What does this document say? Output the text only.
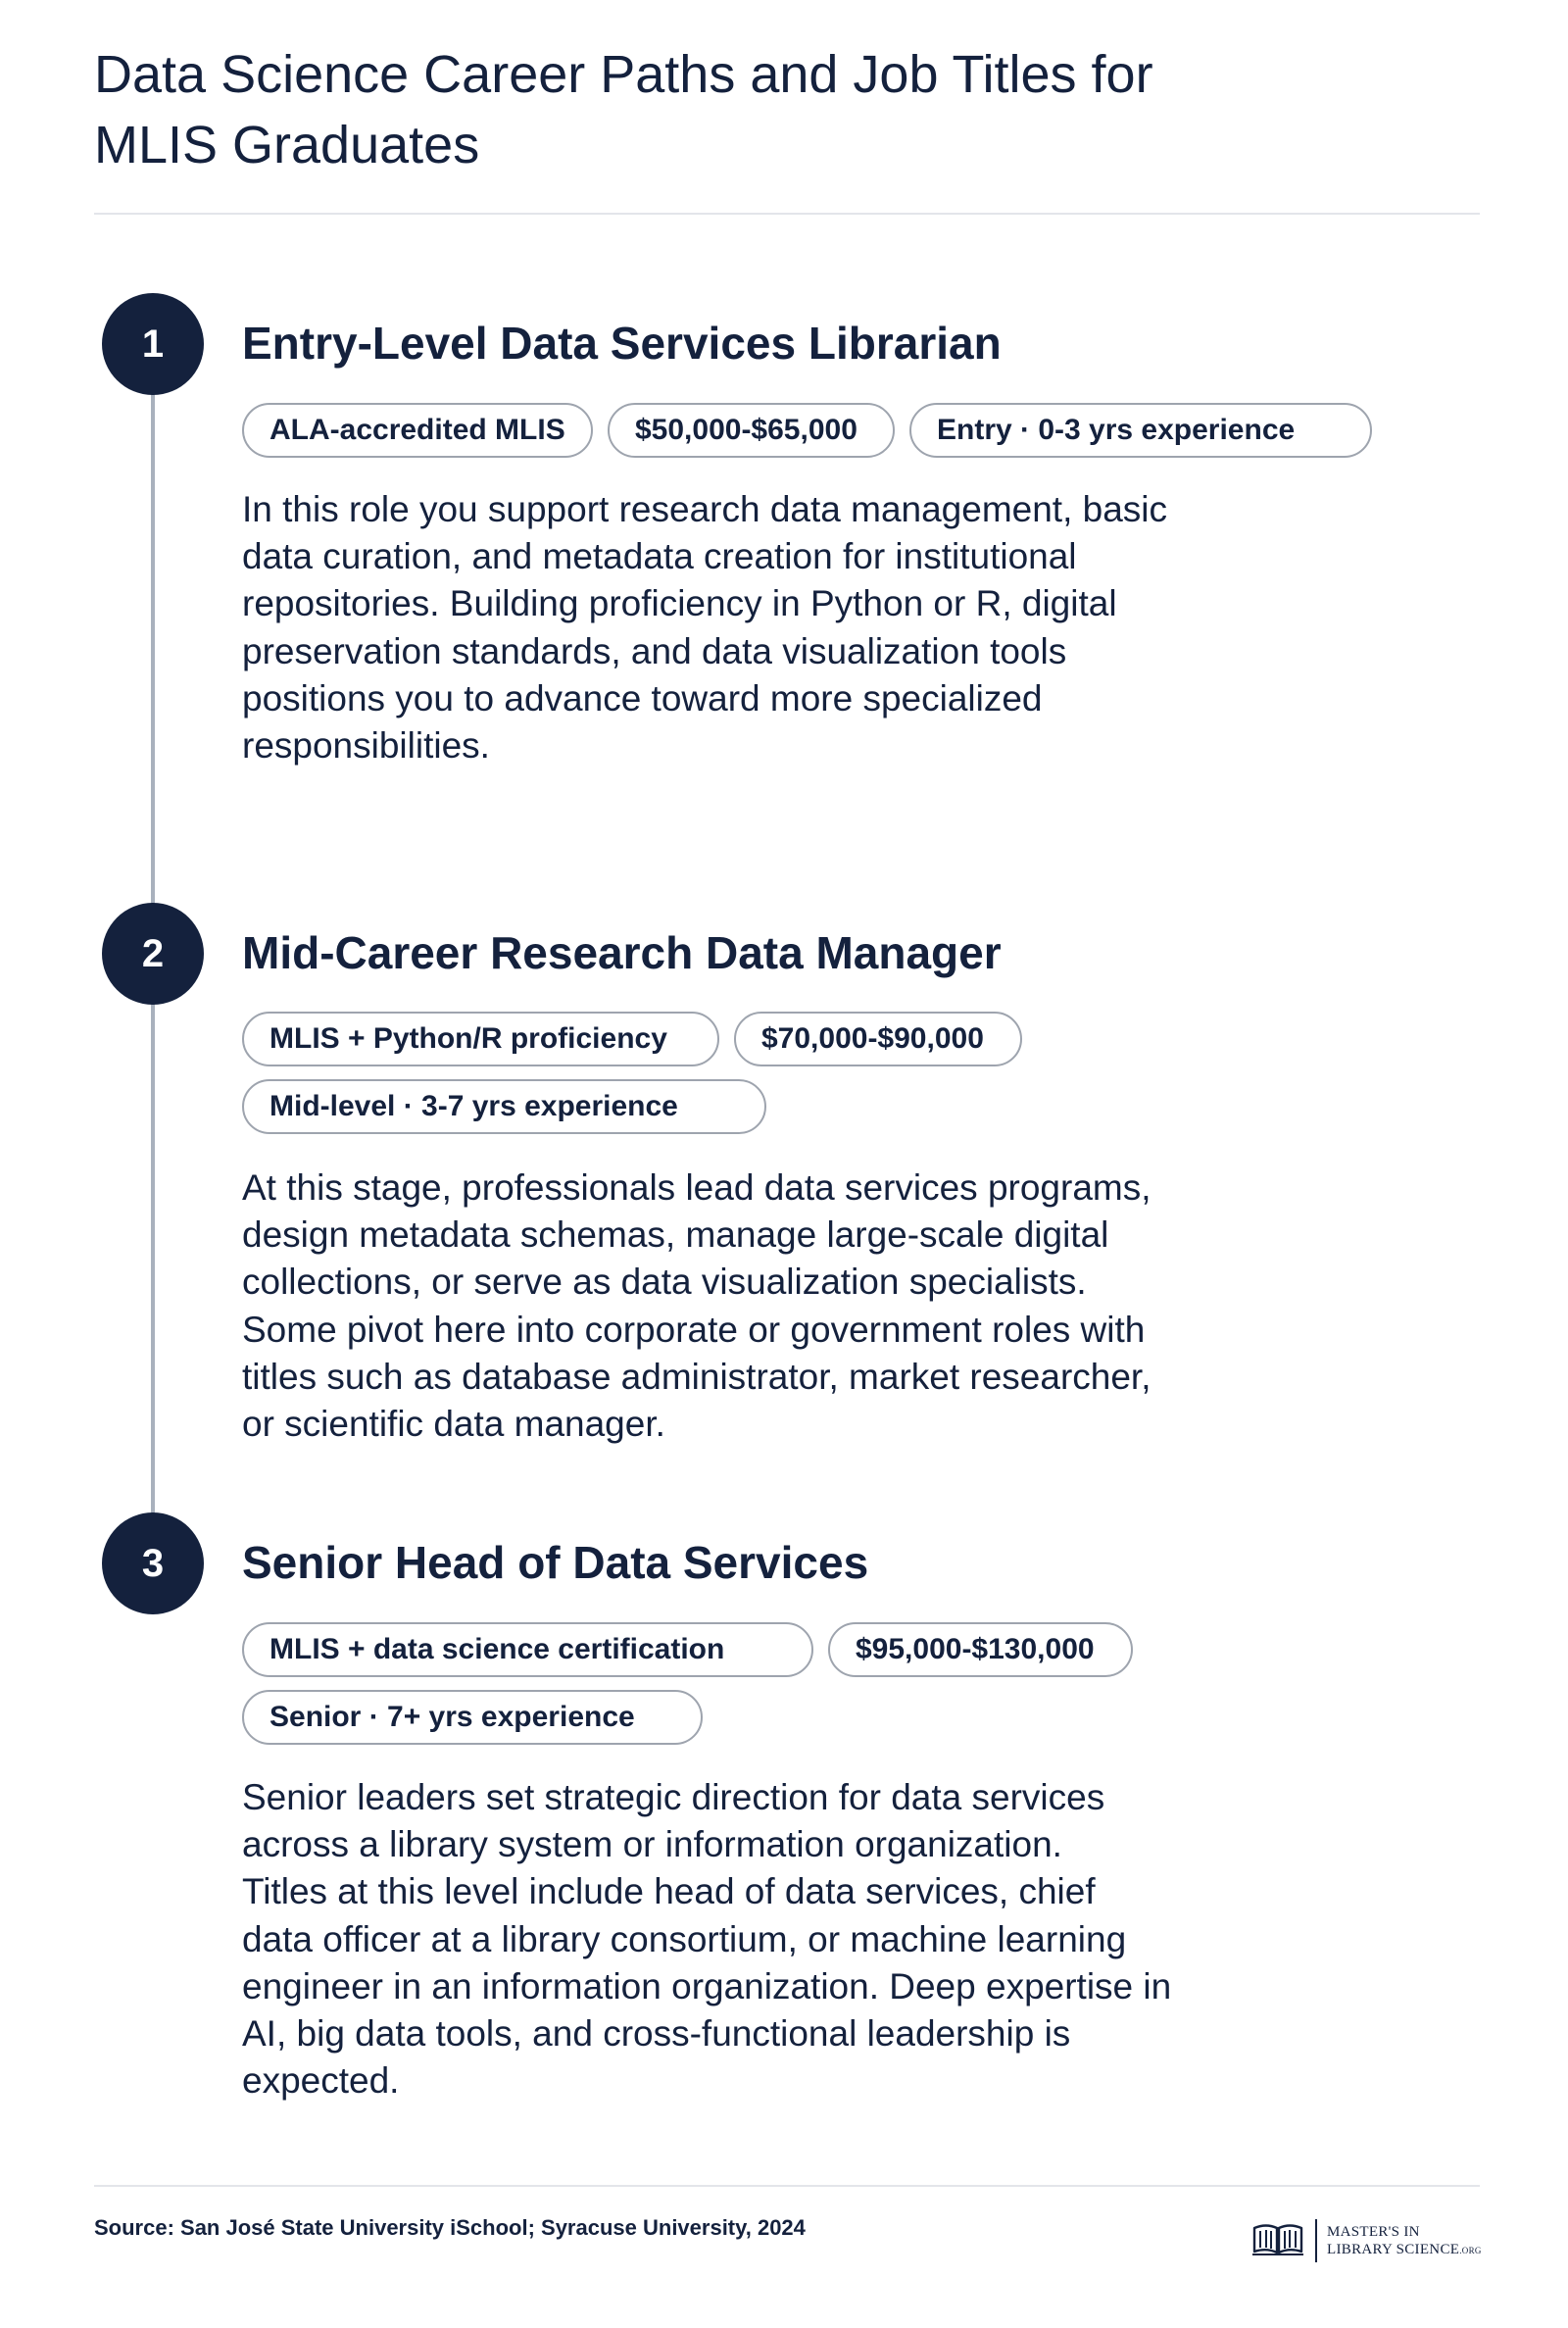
Data Science Career Paths and Job Titles for
MLIS Graduates
1 Entry-Level Data Services Librarian
ALA-accredited MLIS	$50,000-$65,000	Entry · 0-3 yrs experience

In this role you support research data management, basic
data curation, and metadata creation for institutional
repositories. Building proficiency in Python or R, digital
preservation standards, and data visualization tools
positions you to advance toward more specialized
responsibilities.

2 Mid-Career Research Data Manager
MLIS + Python/R proficiency	$70,000-$90,000
Mid-level · 3-7 yrs experience

At this stage, professionals lead data services programs,
design metadata schemas, manage large-scale digital
collections, or serve as data visualization specialists.
Some pivot here into corporate or government roles with
titles such as database administrator, market researcher,
or scientific data manager.

3 Senior Head of Data Services
MLIS + data science certification	$95,000-$130,000
Senior · 7+ yrs experience

Senior leaders set strategic direction for data services
across a library system or information organization.
Titles at this level include head of data services, chief
data officer at a library consortium, or machine learning
engineer in an information organization. Deep expertise in
AI, big data tools, and cross-functional leadership is
expected.

Source: San José State University iSchool; Syracuse University, 2024	MASTER'S IN
LIBRARY SCIENCE.ORG
